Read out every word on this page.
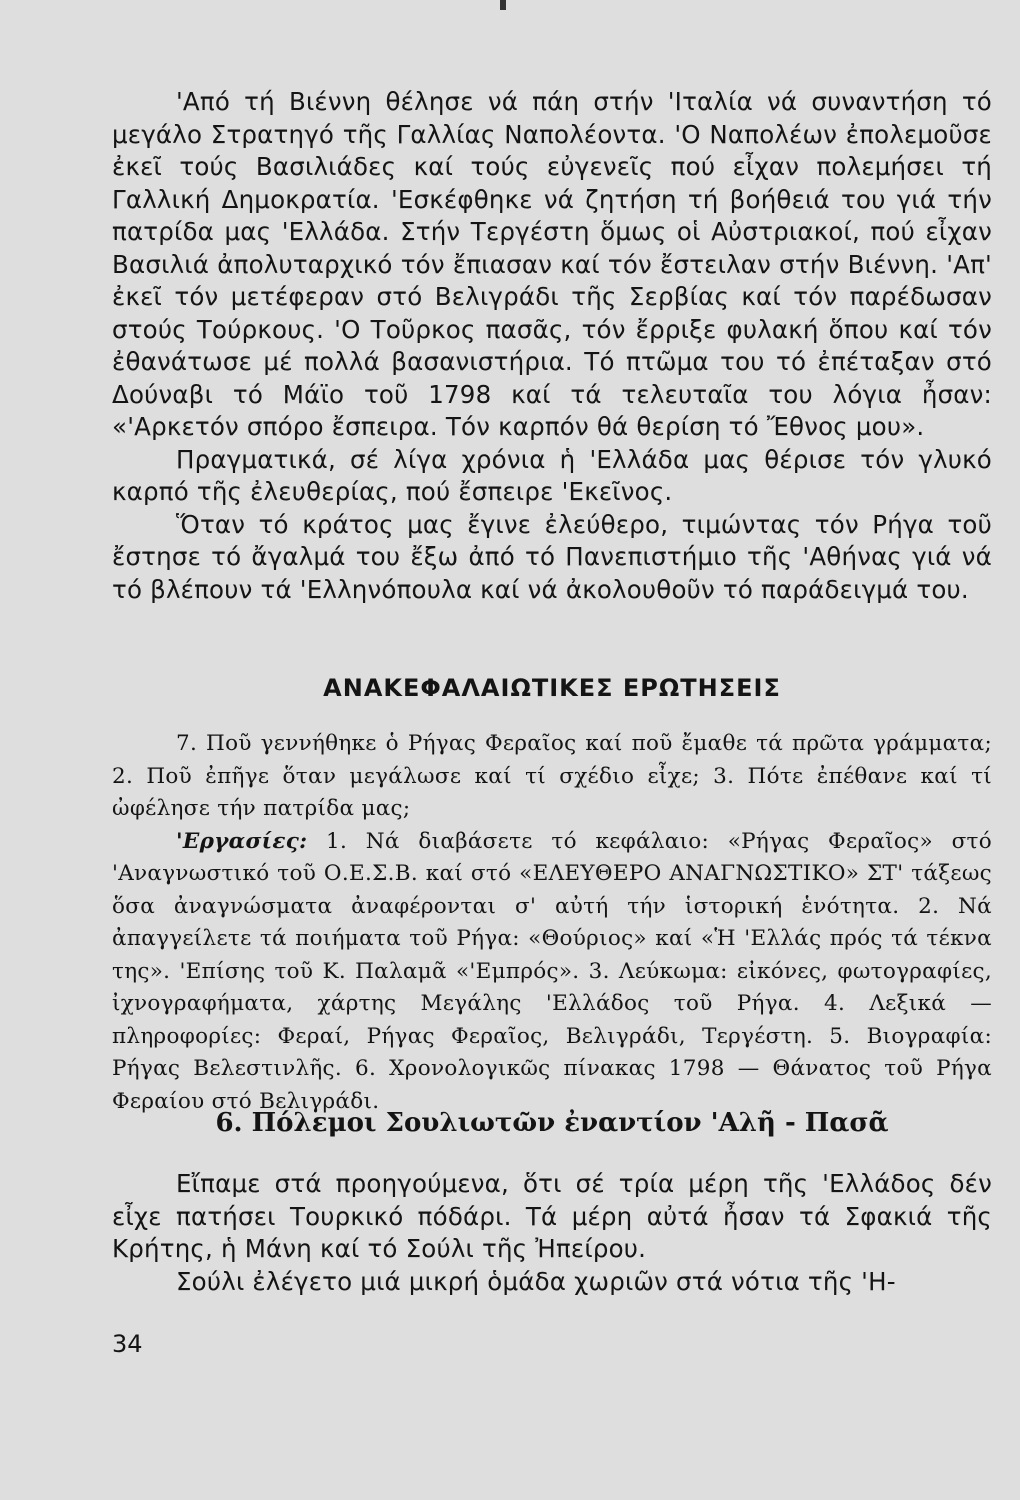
'Από τή Βιέννη θέλησε νά πάη στήν 'Ιταλία νά συναντήση τό μεγάλο Στρατηγό τῆς Γαλλίας Ναπολέοντα. 'Ο Ναπολέων ἐπολεμοῦσε ἐκεῖ τούς Βασιλιάδες καί τούς εὐγενεῖς πού εἶχαν πολεμήσει τή Γαλλική Δημοκρατία. 'Εσκέφθηκε νά ζητήση τή βοήθειά του γιά τήν πατρίδα μας 'Ελλάδα. Στήν Τεργέστη ὅμως οἱ Αὐστριακοί, πού εἶχαν Βασιλιά ἀπολυταρχικό τόν ἔπιασαν καί τόν ἔστειλαν στήν Βιέννη. 'Απ' ἐκεῖ τόν μετέφεραν στό Βελιγράδι τῆς Σερβίας καί τόν παρέδωσαν στούς Τούρκους. 'Ο Τοῦρκος πασᾶς, τόν ἔρριξε φυλακή ὅπου καί τόν ἐθανάτωσε μέ πολλά βασανιστήρια. Τό πτῶμα του τό ἐπέταξαν στό Δούναβι τό Μάϊο τοῦ 1798 καί τά τελευταῖα του λόγια ἦσαν: «'Αρκετόν σπόρο ἔσπειρα. Τόν καρπόν θά θερίση τό Ἔθνος μου».

Πραγματικά, σέ λίγα χρόνια ἡ 'Ελλάδα μας θέρισε τόν γλυκό καρπό τῆς ἐλευθερίας, πού ἔσπειρε 'Εκεῖνος.

Ὅταν τό κράτος μας ἔγινε ἐλεύθερο, τιμώντας τόν Ρήγα τοῦ ἔστησε τό ἄγαλμά του ἔξω ἀπό τό Πανεπιστήμιο τῆς 'Αθήνας γιά νά τό βλέπουν τά 'Ελληνόπουλα καί νά ἀκολουθοῦν τό παράδειγμά του.

ΑΝΑΚΕΦΑΛΑΙΩΤΙΚΕΣ ΕΡΩΤΗΣΕΙΣ

7. Ποῦ γεννήθηκε ὁ Ρήγας Φεραῖος καί ποῦ ἔμαθε τά πρῶτα γράμματα; 2. Ποῦ ἐπῆγε ὅταν μεγάλωσε καί τί σχέδιο εἶχε; 3. Πότε ἐπέθανε καί τί ὠφέλησε τήν πατρίδα μας;

'Εργασίες: 1. Νά διαβάσετε τό κεφάλαιο: «Ρήγας Φεραῖος» στό 'Αναγνωστικό τοῦ Ο.Ε.Σ.Β. καί στό «ΕΛΕΥΘΕΡΟ ΑΝΑΓΝΩΣΤΙΚΟ» ΣΤ' τάξεως ὅσα ἀναγνώσματα ἀναφέρονται σ' αὐτή τήν ἱστορική ἑνότητα. 2. Νά ἀπαγγείλετε τά ποιήματα τοῦ Ρήγα: «Θούριος» καί «Ἡ 'Ελλάς πρός τά τέκνα της». 'Επίσης τοῦ Κ. Παλαμᾶ «'Εμπρός». 3. Λεύκωμα: εἰκόνες, φωτογραφίες, ἰχνογραφήματα, χάρτης Μεγάλης 'Ελλάδος τοῦ Ρήγα. 4. Λεξικά — πληροφορίες: Φεραί, Ρήγας Φεραῖος, Βελιγράδι, Τεργέστη. 5. Βιογραφία: Ρήγας Βελεστινλῆς. 6. Χρονολογικῶς πίνακας 1798 — Θάνατος τοῦ Ρήγα Φεραίου στό Βελιγράδι.

6. Πόλεμοι Σουλιωτῶν ἐναντίον 'Αλῆ - Πασᾶ

Εἴπαμε στά προηγούμενα, ὅτι σέ τρία μέρη τῆς 'Ελλάδος δέν εἶχε πατήσει Τουρκικό πόδάρι. Τά μέρη αὐτά ἦσαν τά Σφακιά τῆς Κρήτης, ἡ Μάνη καί τό Σούλι τῆς Ἠπείρου.

Σούλι ἐλέγετο μιά μικρή ὁμάδα χωριῶν στά νότια τῆς 'Η-

34
